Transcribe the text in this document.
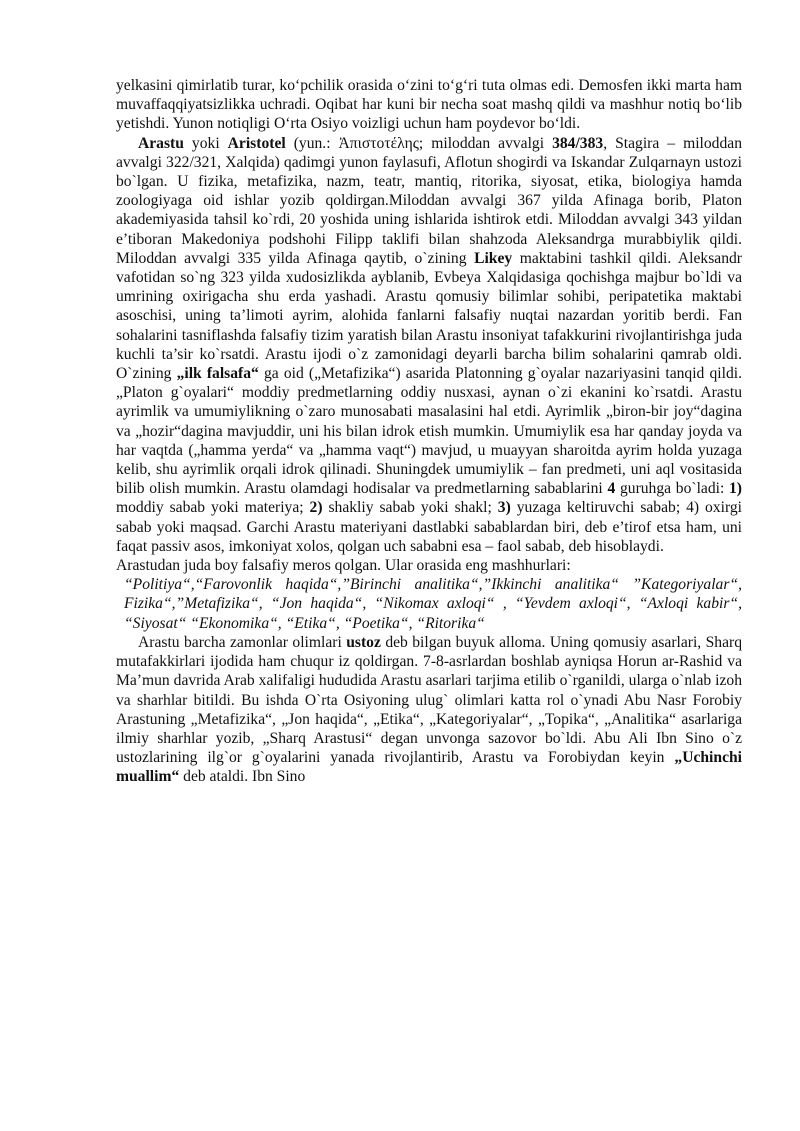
yelkasini qimirlatib turar, ko‘pchilik orasida o‘zini to‘g‘ri tuta olmas edi. Demosfen ikki marta ham muvaffaqqiyatsizlikka uchradi. Oqibat har kuni bir necha soat mashq qildi va mashhur notiq bo‘lib yetishdi. Yunon notiqligi O‘rta Osiyo voizligi uchun ham poydevor bo‘ldi.

Arastu yoki Aristotel (yun.: Ἀπιστοτέλης; miloddan avvalgi 384/383, Stagira – miloddan avvalgi 322/321, Xalqida) qadimgi yunon faylasufi, Aflotun shogirdi va Iskandar Zulqarnayn ustozi bo`lgan. U fizika, metafizika, nazm, teatr, mantiq, ritorika, siyosat, etika, biologiya hamda zoologiyaga oid ishlar yozib qoldirgan.Miloddan avvalgi 367 yilda Afinaga borib, Platon akademiyasida tahsil ko`rdi, 20 yoshida uning ishlarida ishtirok etdi. Miloddan avvalgi 343 yildan e’tiboran Makedoniya podshohi Filipp taklifi bilan shahzoda Aleksandrga murabbiylik qildi. Miloddan avvalgi 335 yilda Afinaga qaytib, o`zining Likey maktabini tashkil qildi. Aleksandr vafotidan so`ng 323 yilda xudosizlikda ayblanib, Evbeya Xalqidasiga qochishga majbur bo`ldi va umrining oxirigacha shu erda yashadi. Arastu qomusiy bilimlar sohibi, peripatetika maktabi asoschisi, uning ta’limoti ayrim, alohida fanlarni falsafiy nuqtai nazardan yoritib berdi. Fan sohalarini tasniflashda falsafiy tizim yaratish bilan Arastu insoniyat tafakkurini rivojlantirishga juda kuchli ta’sir ko`rsatdi. Arastu ijodi o`z zamonidagi deyarli barcha bilim sohalarini qamrab oldi. O`zining „ilk falsafa“ ga oid („Metafizika“) asarida Platonning g`oyalar nazariyasini tanqid qildi. „Platon g`oyalari“ moddiy predmetlarning oddiy nusxasi, aynan o`zi ekanini ko`rsatdi. Arastu ayrimlik va umumiylikning o`zaro munosabati masalasini hal etdi. Ayrimlik „biron-bir joy“dagina va „hozir“dagina mavjuddir, uni his bilan idrok etish mumkin. Umumiylik esa har qanday joyda va har vaqtda („hamma yerda“ va „hamma vaqt“) mavjud, u muayyan sharoitda ayrim holda yuzaga kelib, shu ayrimlik orqali idrok qilinadi. Shuningdek umumiylik – fan predmeti, uni aql vositasida bilib olish mumkin. Arastu olamdagi hodisalar va predmetlarning sabablarini 4 guruhga bo`ladi: 1) moddiy sabab yoki materiya; 2) shakliy sabab yoki shakl; 3) yuzaga keltiruvchi sabab; 4) oxirgi sabab yoki maqsad. Garchi Arastu materiyani dastlabki sabablardan biri, deb e’tirof etsa ham, uni faqat passiv asos, imkoniyat xolos, qolgan uch sababni esa – faol sabab, deb hisoblaydi.

Arastudan juda boy falsafiy meros qolgan. Ular orasida eng mashhurlari:

“Politiya“,“Farovonlik haqida“,”Birinchi analitika“,”Ikkinchi analitika“ ”Kategoriyalar“, Fizika“,”Metafizika“, “Jon haqida“, “Nikomax axloqi“ , “Yevdem axloqi“, “Axloqi kabir“, “Siyosat“ “Ekonomika“, “Etika“, “Poetika“, “Ritorika“

Arastu barcha zamonlar olimlari ustoz deb bilgan buyuk alloma. Uning qomusiy asarlari, Sharq mutafakkirlari ijodida ham chuqur iz qoldirgan. 7-8-asrlardan boshlab ayniqsa Horun ar-Rashid va Ma’mun davrida Arab xalifaligi hududida Arastu asarlari tarjima etilib o`rganildi, ularga o`nlab izoh va sharhlar bitildi. Bu ishda O`rta Osiyoning ulug` olimlari katta rol o`ynadi Abu Nasr Forobiy Arastuning „Metafizika“, „Jon haqida“, „Etika“, „Kategoriyalar“, „Topika“, „Analitika“ asarlariga ilmiy sharhlar yozib, „Sharq Arastusi“ degan unvonga sazovor bo`ldi. Abu Ali Ibn Sino o`z ustozlarining ilg`or g`oyalarini yanada rivojlantirib, Arastu va Forobiydan keyin „Uchinchi muallim“ deb ataldi. Ibn Sino
